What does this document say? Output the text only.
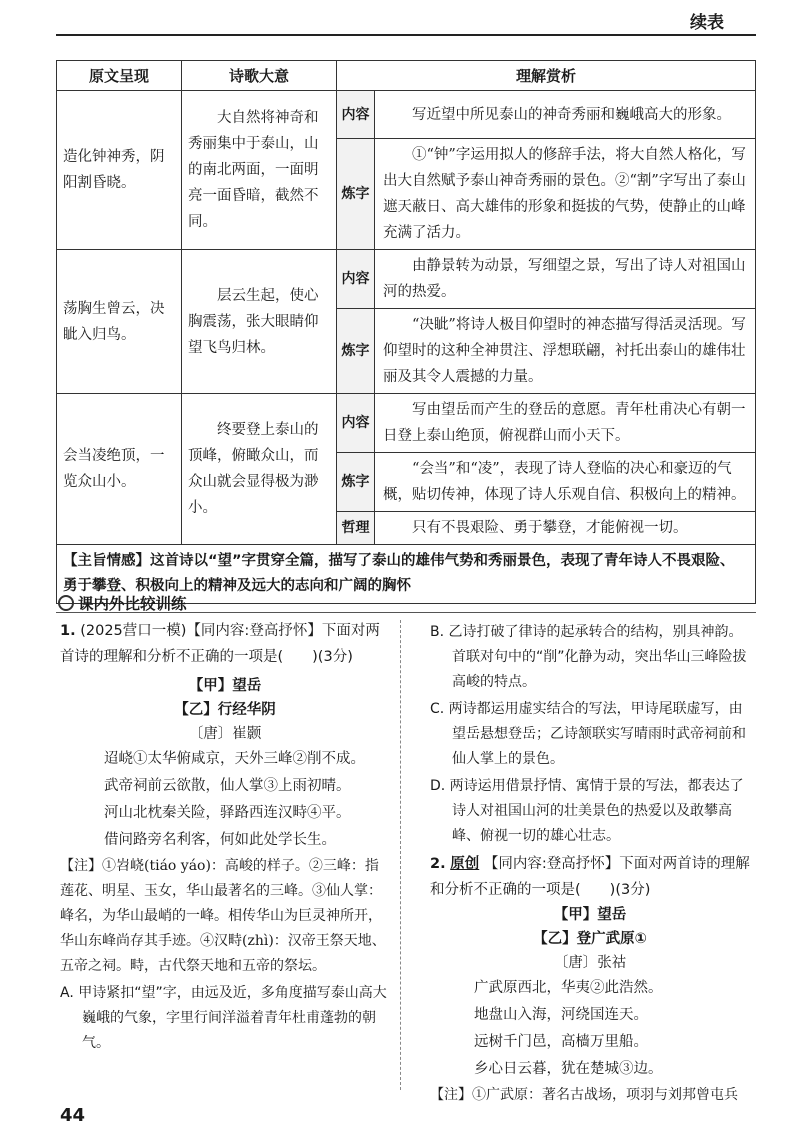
续表
原文呈现	诗歌大意	理解赏析	
造化钟神秀，阴阳割昏晓。	大自然将神奇和秀丽集中于泰山，山的南北两面，一面明亮一面昏暗，截然不同。	内容	写近望中所见泰山的神奇秀丽和巍峨高大的形象。
		炼字	①“钟”字运用拟人的修辞手法，将大自然人格化，写出大自然赋予泰山神奇秀丽的景色。②“割”字写出了泰山遮天蔽日、高大雄伟的形象和挺拔的气势，使静止的山峰充满了活力。
荡胸生曾云，决眦入归鸟。	层云生起，使心胸震荡，张大眼睛仰望飞鸟归林。	内容	由静景转为动景，写细望之景，写出了诗人对祖国山河的热爱。
		炼字	“决眦”将诗人极目仰望时的神态描写得活灵活现。写仰望时的这种全神贯注、浮想联翩，衬托出泰山的雄伟壮丽及其令人震撼的力量。
会当凌绝顶，一览众山小。	终要登上泰山的顶峰，俯瞰众山，而众山就会显得极为渺小。	内容	写由望岳而产生的登岳的意愿。青年杜甫决心有朝一日登上泰山绝顶，俯视群山而小天下。
		炼字	“会当”和“凌”，表现了诗人登临的决心和豪迈的气概，贴切传神，体现了诗人乐观自信、积极向上的精神。
		哲理	只有不畏艰险、勇于攀登，才能俯视一切。
【主旨情感】这首诗以“望”字贯穿全篇，描写了泰山的雄伟气势和秀丽景色，表现了青年诗人不畏艰险、勇于攀登、积极向上的精神及远大的志向和广阔的胸怀			
课内外比较训练
1. (2025营口一模)【同内容:登高抒怀】下面对两首诗的理解和分析不正确的一项是(　　)(3分)
【甲】望岳
【乙】行经华阴
〔唐〕崔颢
迢峣①太华俯咸京，天外三峰②削不成。
武帝祠前云欲散，仙人掌③上雨初晴。
河山北枕秦关险，驿路西连汉畤④平。
借问路旁名利客，何如此处学长生。
【注】①岧峣(tiáo yáo)：高峻的样子。②三峰：指莲花、明星、玉女，华山最著名的三峰。③仙人掌：峰名，为华山最峭的一峰。相传华山为巨灵神所开，华山东峰尚存其手迹。④汉畤(zhì)：汉帝王祭天地、五帝之祠。畤，古代祭天地和五帝的祭坛。
A. 甲诗紧扣“望”字，由远及近，多角度描写泰山高大巍峨的气象，字里行间洋溢着青年杜甫蓬勃的朝气。
B. 乙诗打破了律诗的起承转合的结构，别具神韵。首联对句中的“削”化静为动，突出华山三峰险拔高峻的特点。
C. 两诗都运用虚实结合的写法，甲诗尾联虚写，由望岳悬想登岳；乙诗颔联实写晴雨时武帝祠前和仙人掌上的景色。
D. 两诗运用借景抒情、寓情于景的写法，都表达了诗人对祖国山河的壮美景色的热爱以及敢攀高峰、俯视一切的雄心壮志。
2. 原创 【同内容:登高抒怀】下面对两首诗的理解和分析不正确的一项是(　　)(3分)
【甲】望岳
【乙】登广武原①
〔唐〕张祜
广武原西北，华夷②此浩然。
地盘山入海，河绕国连天。
远树千门邑，高樯万里船。
乡心日云暮，犹在楚城③边。
【注】①广武原：著名古战场，项羽与刘邦曾屯兵
44
